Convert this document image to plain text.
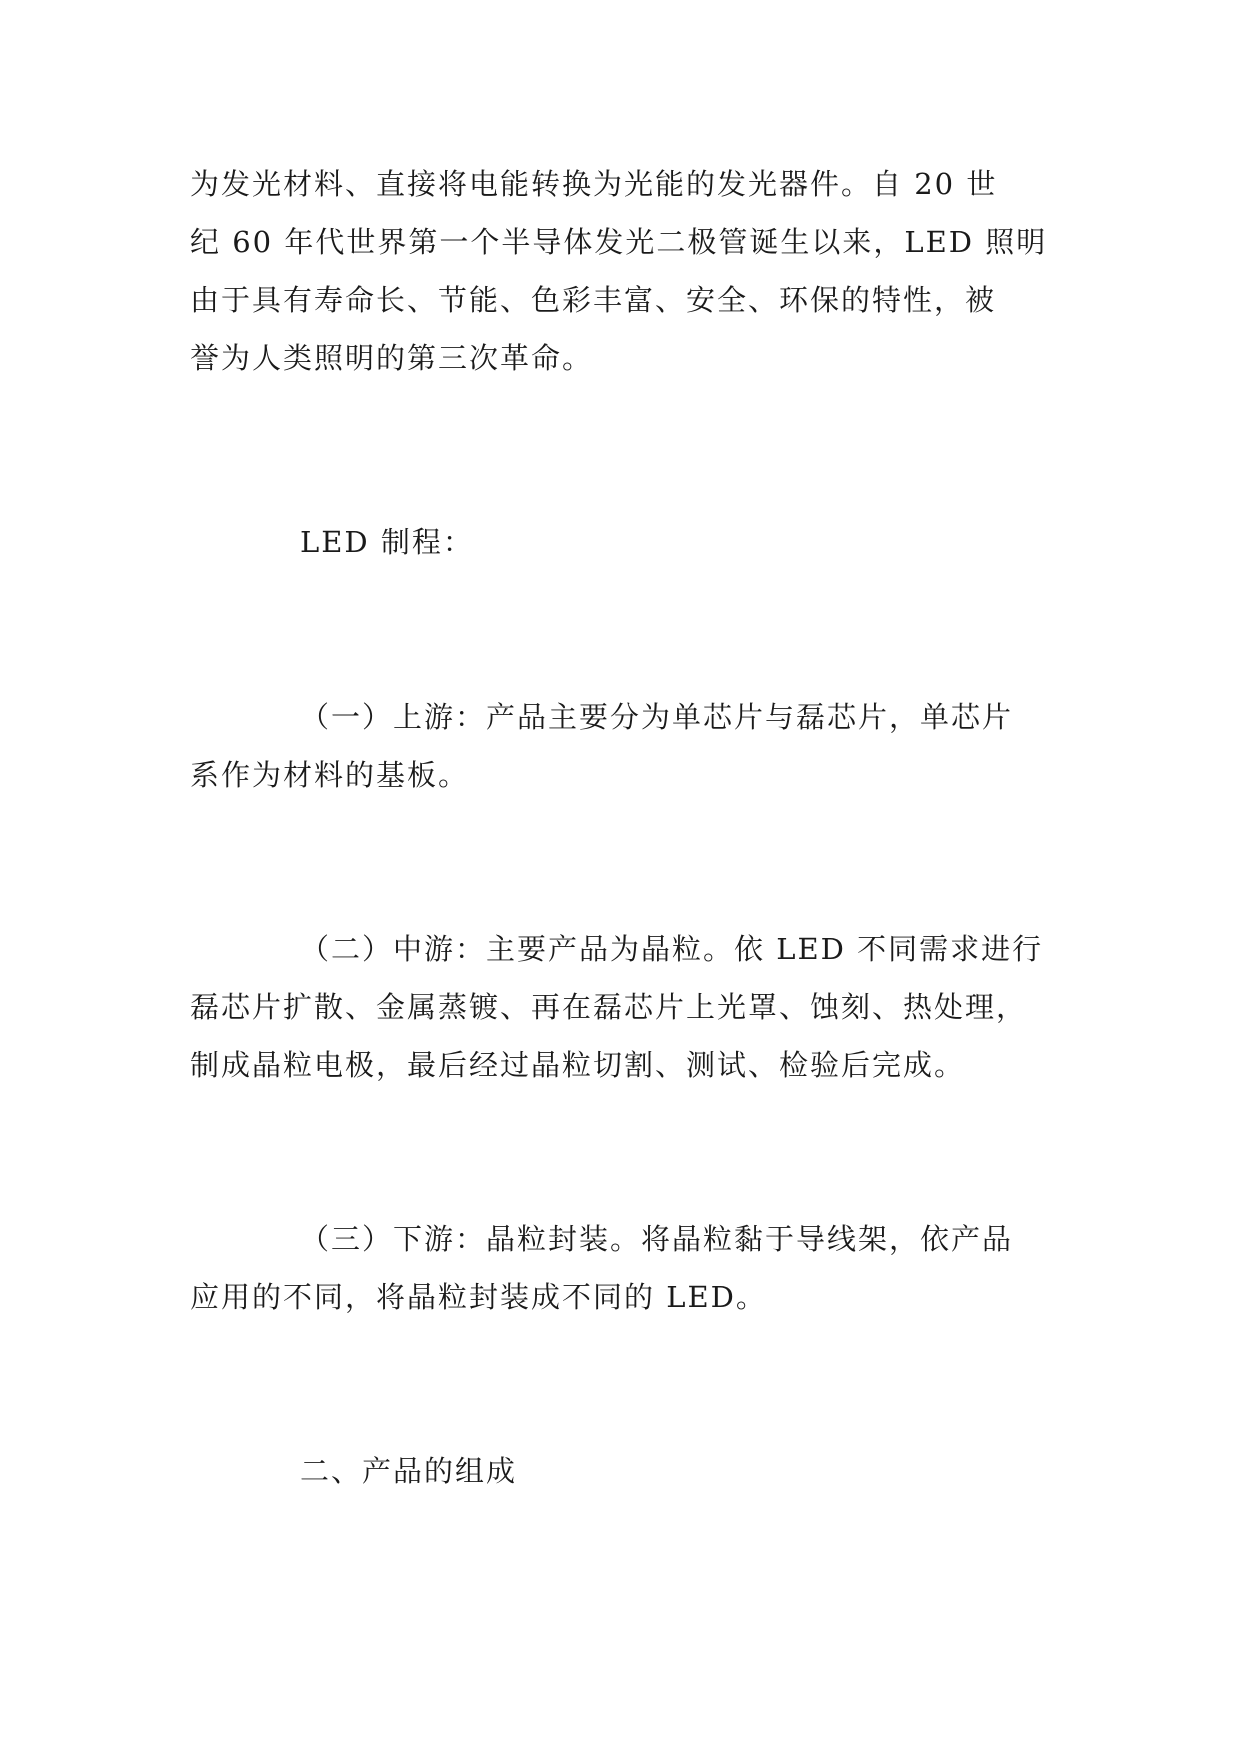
为发光材料、直接将电能转换为光能的发光器件。自 20 世
纪 60 年代世界第一个半导体发光二极管诞生以来，LED 照明
由于具有寿命长、节能、色彩丰富、安全、环保的特性，被
誉为人类照明的第三次革命。
LED 制程：
（一）上游：产品主要分为单芯片与磊芯片，单芯片
系作为材料的基板。
（二）中游：主要产品为晶粒。依 LED 不同需求进行
磊芯片扩散、金属蒸镀、再在磊芯片上光罩、蚀刻、热处理，
制成晶粒电极，最后经过晶粒切割、测试、检验后完成。
（三）下游：晶粒封装。将晶粒黏于导线架，依产品
应用的不同，将晶粒封装成不同的 LED。
二、产品的组成
